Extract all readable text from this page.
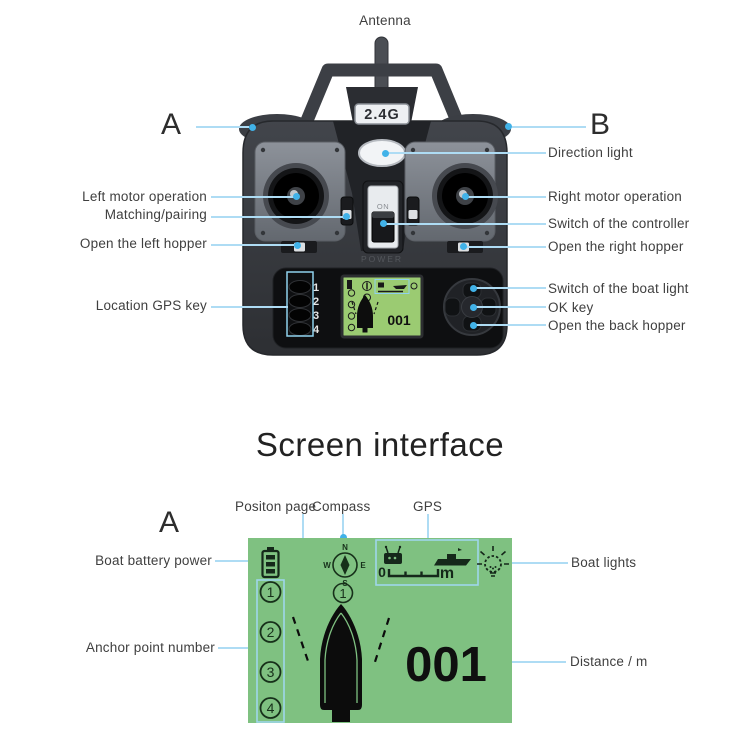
Antenna
A	B
2.4G
ON
POWER
1
2
3
4
001
Left motor operation
Matching/pairing
Open the left hopper
Location GPS key
Direction light
Right motor operation
Switch of the controller
Open the right hopper
Switch of the boat light
OK key
Open the back hopper
Screen interface
A	Positon page
Compass	GPS
Boat battery power
Anchor point number
Boat lights
Distance / m
1
2
3
4
N
S
W	E
1
001
0	m
